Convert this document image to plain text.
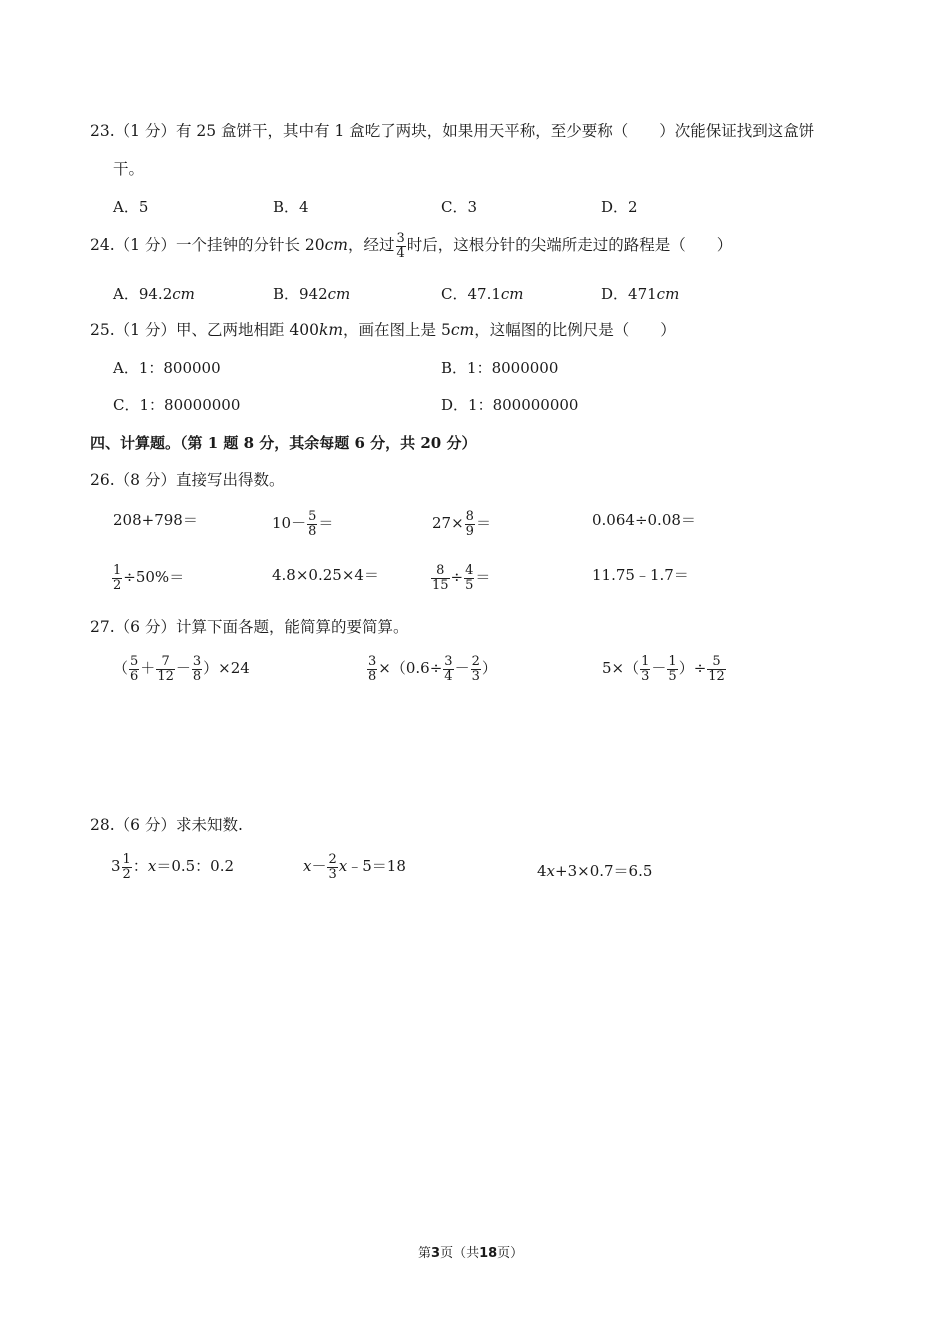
23.（1 分）有 25 盒饼干，其中有 1 盒吃了两块，如果用天平称，至少要称（　　）次能保证找到这盒饼
干。
A．5	B．4	C．3	D．2
24.（1 分）一个挂钟的分针长 20cm，经过 $\frac{3}{4}$ 时后，这根分针的尖端所走过的路程是（　　）
A．94.2cm	B．942cm	C．47.1cm	D．471cm
25.（1 分）甲、乙两地相距 400km，画在图上是 5cm，这幅图的比例尺是（　　）
A．1：800000	B．1：8000000
C．1：80000000	D．1：800000000
四、计算题。（第 1 题 8 分，其余每题 6 分，共 20 分）
26.（8 分）直接写出得数。
208+798＝	$10- \frac{5}{8}$ ＝	$27\times \frac{8}{9}$ ＝	0.064÷0.08＝
$\frac{1}{2} \div 50\%=$	4.8×0.25×4＝	$\frac{8}{15} \div \frac{4}{5}$ ＝	11.75﹣1.7＝
27.（6 分）计算下面各题，能简算的要简算。
（ $\frac{5}{6} + \frac{7}{12} - \frac{3}{8} )\times 24$	$\frac{3}{8} \times(0.6\div \frac{3}{4} - \frac{2}{3}$ ）	$5\times( \frac{1}{3} - \frac{1}{5}$ ）÷ $\frac{5}{12}$
28.（6 分）求未知数.
$3 \frac{1}{2}$ ：x＝0.5：0.2	$x- \frac{2}{3}$ x﹣5＝18	4x+3×0.7＝6.5
第3页（共18页）
